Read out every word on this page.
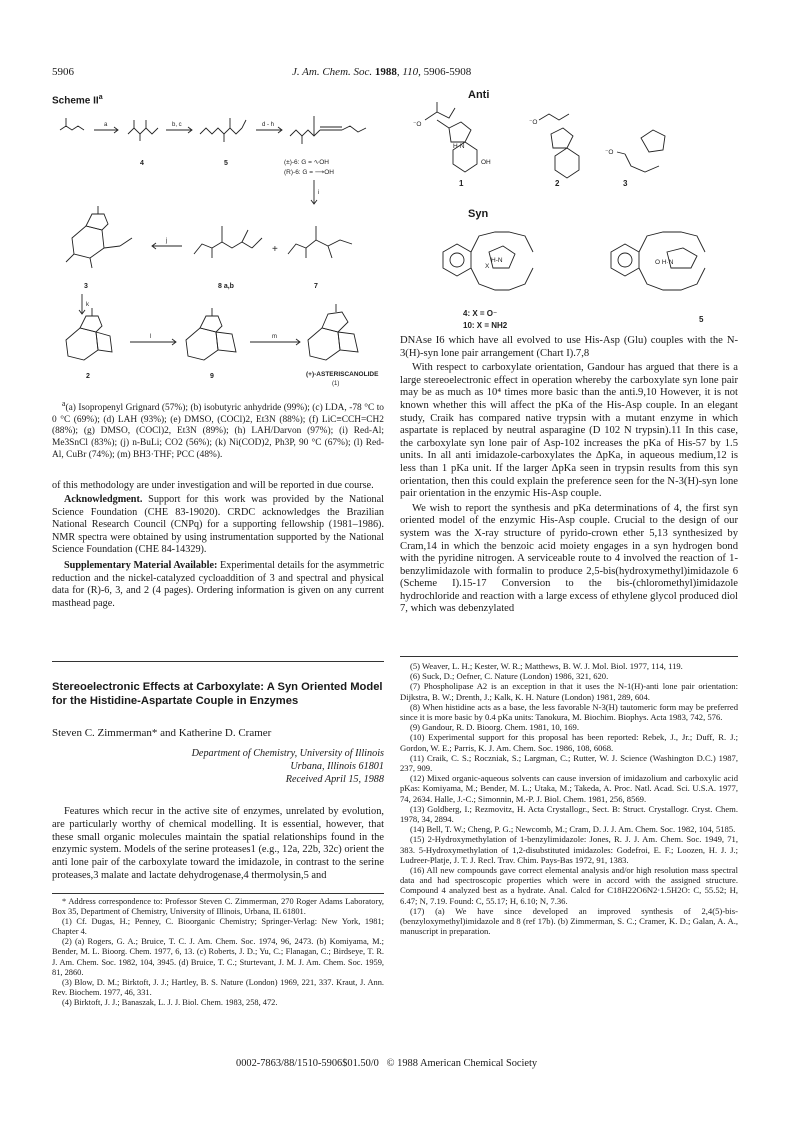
5906	J. Am. Chem. Soc. 1988, 110, 5906-5908
Scheme $II^a$
a
4
b, c
5
d - h
(±)-6: G = ∿OH
(R)-6: G = ⟶OH
i
3
j
8 a,b
+
7
k
2
l
9
m
(+)-ASTERISCANOLIDE
(1)

$^a$(a) Isopropenyl Grignard (57%); (b) isobutyric anhydride (99%); (c) LDA, -78 °C to 0 °C (69%); (d) LAH (93%); (e) DMSO, (COCl)2, Et3N (88%); (f) LiC≡CCH=CH2 (88%); (g) DMSO, (COCl)2, Et3N (89%); (h) LAH/Darvon (97%); (i) Red-Al; Me3SnCl (83%); (j) n-BuLi; CO2 (56%); (k) Ni(COD)2, Ph3P, 90 °C (67%); (l) Red-Al, CuBr (74%); (m) BH3·THF; PCC (48%).

of this methodology are under investigation and will be reported in due course.

Acknowledgment. Support for this work was provided by the National Science Foundation (CHE 83-19020). CRDC acknowledges the Brazilian National Research Council (CNPq) for a supporting fellowship (1981–1986). NMR spectra were obtained by using instrumentation supported by the National Science Foundation (CHE 84-14329).

Supplementary Material Available: Experimental details for the asymmetric reduction and the nickel-catalyzed cycloaddition of 3 and spectral and physical data for (R)-6, 3, and 2 (4 pages). Ordering information is given on any current masthead page.

Stereoelectronic Effects at Carboxylate: A Syn Oriented Model for the Histidine-Aspartate Couple in Enzymes
Steven C. Zimmerman* and Katherine D. Cramer
Department of Chemistry, University of Illinois
Urbana, Illinois 61801
Received April 15, 1988

Features which recur in the active site of enzymes, unrelated by evolution, are particularly worthy of chemical modelling. It is essential, however, that these small organic molecules maintain the spatial relationships found in the enzymic system. Models of the serine proteases1 (e.g., 12a, 22b, 32c) orient the anti lone pair of the carboxylate toward the imidazole, in contrast to the serine proteases,3 malate and lactate dehydrogenase,4 thermolysin,5 and

* Address correspondence to: Professor Steven C. Zimmerman, 270 Roger Adams Laboratory, Box 35, Department of Chemistry, University of Illinois, Urbana, IL 61801.

(1) Cf. Dugas, H.; Penney, C. Bioorganic Chemistry; Springer-Verlag: New York, 1981; Chapter 4.

(2) (a) Rogers, G. A.; Bruice, T. C. J. Am. Chem. Soc. 1974, 96, 2473. (b) Komiyama, M.; Bender, M. L. Bioorg. Chem. 1977, 6, 13. (c) Roberts, J. D.; Yu, C.; Flanagan, C.; Birdseye, T. R. J. Am. Chem. Soc. 1982, 104, 3945. (d) Bruice, T. C.; Sturtevant, J. M. J. Am. Chem. Soc. 1959, 81, 2860.

(3) Blow, D. M.; Birktoft, J. J.; Hartley, B. S. Nature (London) 1969, 221, 337. Kraut, J. Ann. Rev. Biochem. 1977, 46, 331.

(4) Birktoft, J. J.; Banaszak, L. J. J. Biol. Chem. 1983, 258, 472.

Anti
⁻O
H-N
OH
1
⁻O
2
⁻O
3
X
H-N
4: X = O⁻
10: X = NH2
O H·N
5
Syn

DNAse I6 which have all evolved to use His-Asp (Glu) couples with the N-3(H)-syn lone pair arrangement (Chart I).7,8

With respect to carboxylate orientation, Gandour has argued that there is a large stereoelectronic effect in operation whereby the carboxylate syn lone pair may be as much as 10⁴ times more basic than the anti.9,10 However, it is not known whether this will affect the pKa of the His-Asp couple. In an elegant study, Craik has compared native trypsin with a mutant enzyme in which aspartate is replaced by neutral asparagine (D 102 N trypsin).11 In this case, the carboxylate syn lone pair of Asp-102 increases the pKa of His-57 by 1.5 units. In all anti imidazole-carboxylates the ΔpKa, in aqueous medium,12 is less than 1 pKa unit. If the larger ΔpKa seen in trypsin results from this syn orientation, then this could explain the preference seen for the N-3(H)-syn lone pair orientation in the enzymic His-Asp couple.

We wish to report the synthesis and pKa determinations of 4, the first syn oriented model of the enzymic His-Asp couple. Crucial to the design of our system was the X-ray structure of pyrido-crown ether 5,13 synthesized by Cram,14 in which the benzoic acid moiety engages in a syn hydrogen bond with the pyridine nitrogen. A serviceable route to 4 involved the reaction of 1-benzylimidazole with formalin to produce 2,5-bis(hydroxymethyl)imidazole 6 (Scheme I).15-17 Conversion to the bis-(chloromethyl)imidazole hydrochloride and reaction with a large excess of ethylene glycol produced diol 7, which was debenzylated

(5) Weaver, L. H.; Kester, W. R.; Matthews, B. W. J. Mol. Biol. 1977, 114, 119.

(6) Suck, D.; Oefner, C. Nature (London) 1986, 321, 620.

(7) Phospholipase A2 is an exception in that it uses the N-1(H)-anti lone pair orientation: Dijkstra, B. W.; Drenth, J.; Kalk, K. H. Nature (London) 1981, 289, 604.

(8) When histidine acts as a base, the less favorable N-3(H) tautomeric form may be preferred since it is more basic by 0.4 pKa units: Tanokura, M. Biochim. Biophys. Acta 1983, 742, 576.

(9) Gandour, R. D. Bioorg. Chem. 1981, 10, 169.

(10) Experimental support for this proposal has been reported: Rebek, J., Jr.; Duff, R. J.; Gordon, W. E.; Parris, K. J. Am. Chem. Soc. 1986, 108, 6068.

(11) Craik, C. S.; Roczniak, S.; Largman, C.; Rutter, W. J. Science (Washington D.C.) 1987, 237, 909.

(12) Mixed organic-aqueous solvents can cause inversion of imidazolium and carboxylic acid pKas: Komiyama, M.; Bender, M. L.; Utaka, M.; Takeda, A. Proc. Natl. Acad. Sci. U.S.A. 1977, 74, 2634. Halle, J.-C.; Simonnin, M.-P. J. Biol. Chem. 1981, 256, 8569.

(13) Goldberg, I.; Rezmovitz, H. Acta Crystallogr., Sect. B: Struct. Crystallogr. Cryst. Chem. 1978, 34, 2894.

(14) Bell, T. W.; Cheng, P. G.; Newcomb, M.; Cram, D. J. J. Am. Chem. Soc. 1982, 104, 5185.

(15) 2-Hydroxymethylation of 1-benzylimidazole: Jones, R. J. J. Am. Chem. Soc. 1949, 71, 383. 5-Hydroxymethylation of 1,2-disubstituted imidazoles: Godefroi, E. F.; Loozen, H. J. J.; Ludreer-Platje, J. T. J. Recl. Trav. Chim. Pays-Bas 1972, 91, 1383.

(16) All new compounds gave correct elemental analysis and/or high resolution mass spectral data and had spectroscopic properties which were in accord with the assigned structure. Compound 4 analyzed best as a hydrate. Anal. Calcd for C18H22O6N2·1.5H2O: C, 55.52; H, 6.47; N, 7.19. Found: C, 55.17; H, 6.10; N, 7.36.

(17) (a) We have since developed an improved synthesis of 2,4(5)-bis-(benzyloxymethyl)imidazole and 8 (ref 17b). (b) Zimmerman, S. C.; Cramer, K. D.; Galan, A. A., manuscript in preparation.

0002-7863/88/1510-5906$01.50/0 © 1988 American Chemical Society
